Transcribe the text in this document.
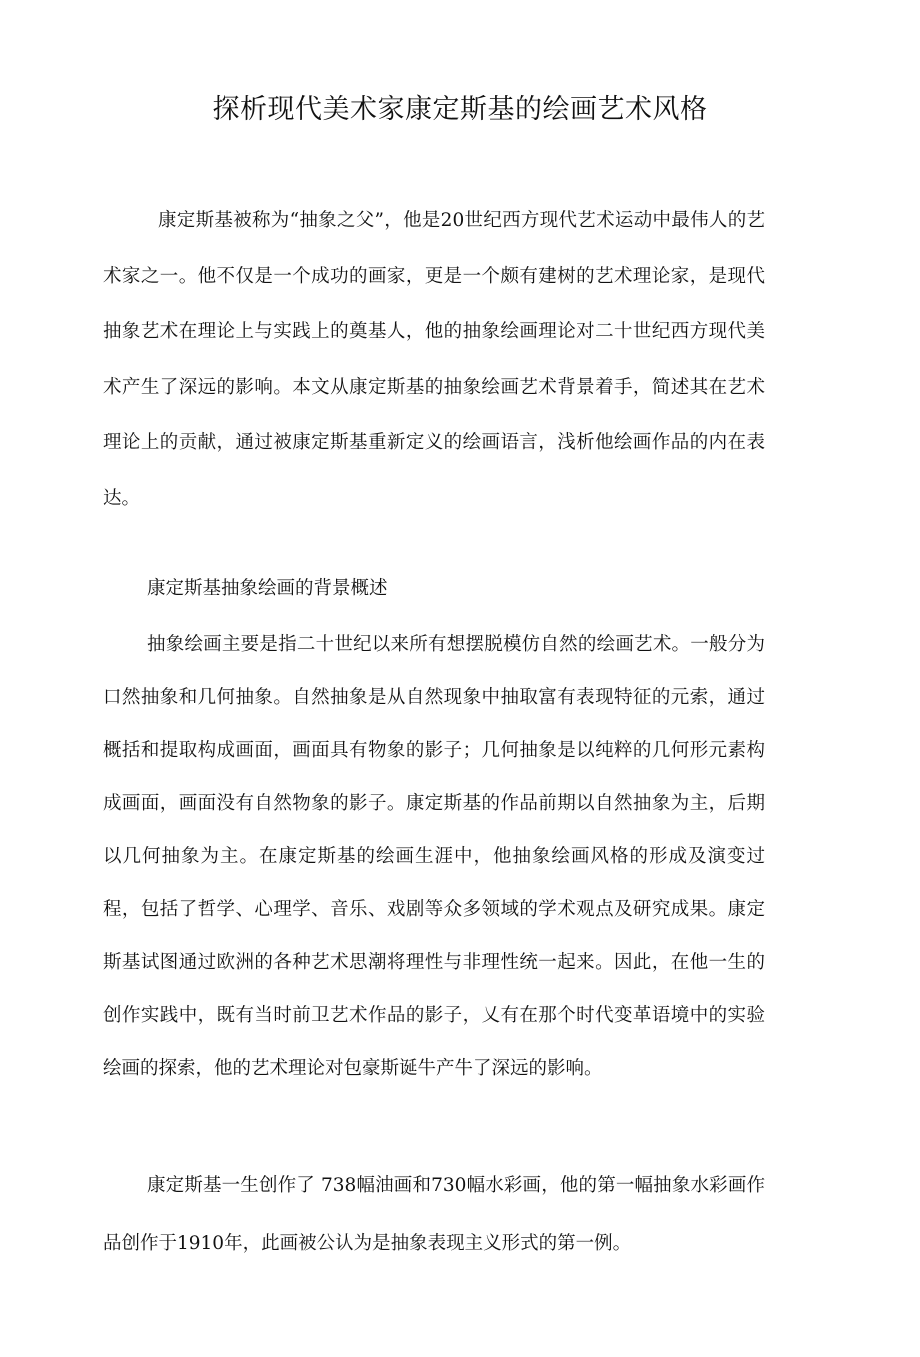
探析现代美术家康定斯基的绘画艺术风格

康定斯基被称为“抽象之父”，他是20世纪西方现代艺术运动中最伟人的艺术家之一。他不仅是一个成功的画家，更是一个颇有建树的艺术理论家，是现代抽象艺术在理论上与实践上的奠基人，他的抽象绘画理论对二十世纪西方现代美术产生了深远的影响。本文从康定斯基的抽象绘画艺术背景着手，简述其在艺术理论上的贡献，通过被康定斯基重新定义的绘画语言，浅析他绘画作品的内在表达。

康定斯基抽象绘画的背景概述

抽象绘画主要是指二十世纪以来所有想摆脱模仿自然的绘画艺术。一般分为口然抽象和几何抽象。自然抽象是从自然现象中抽取富有表现特征的元索，通过概括和提取构成画面，画面具有物象的影子；几何抽象是以纯粹的几何形元素构成画面，画面没有自然物象的影子。康定斯基的作品前期以自然抽象为主，后期以几何抽象为主。在康定斯基的绘画生涯中，他抽象绘画风格的形成及演变过程，包括了哲学、心理学、音乐、戏剧等众多领域的学术观点及研究成果。康定斯基试图通过欧洲的各种艺术思潮将理性与非理性统一起来。因此，在他一生的创作实践中，既有当时前卫艺术作品的影子，乂有在那个时代变革语境中的实验绘画的探索，他的艺术理论对包豪斯诞牛产牛了深远的影响。

康定斯基一生创作了 738幅油画和730幅水彩画，他的第一幅抽象水彩画作品创作于1910年，此画被公认为是抽象表现主义形式的第一例。
